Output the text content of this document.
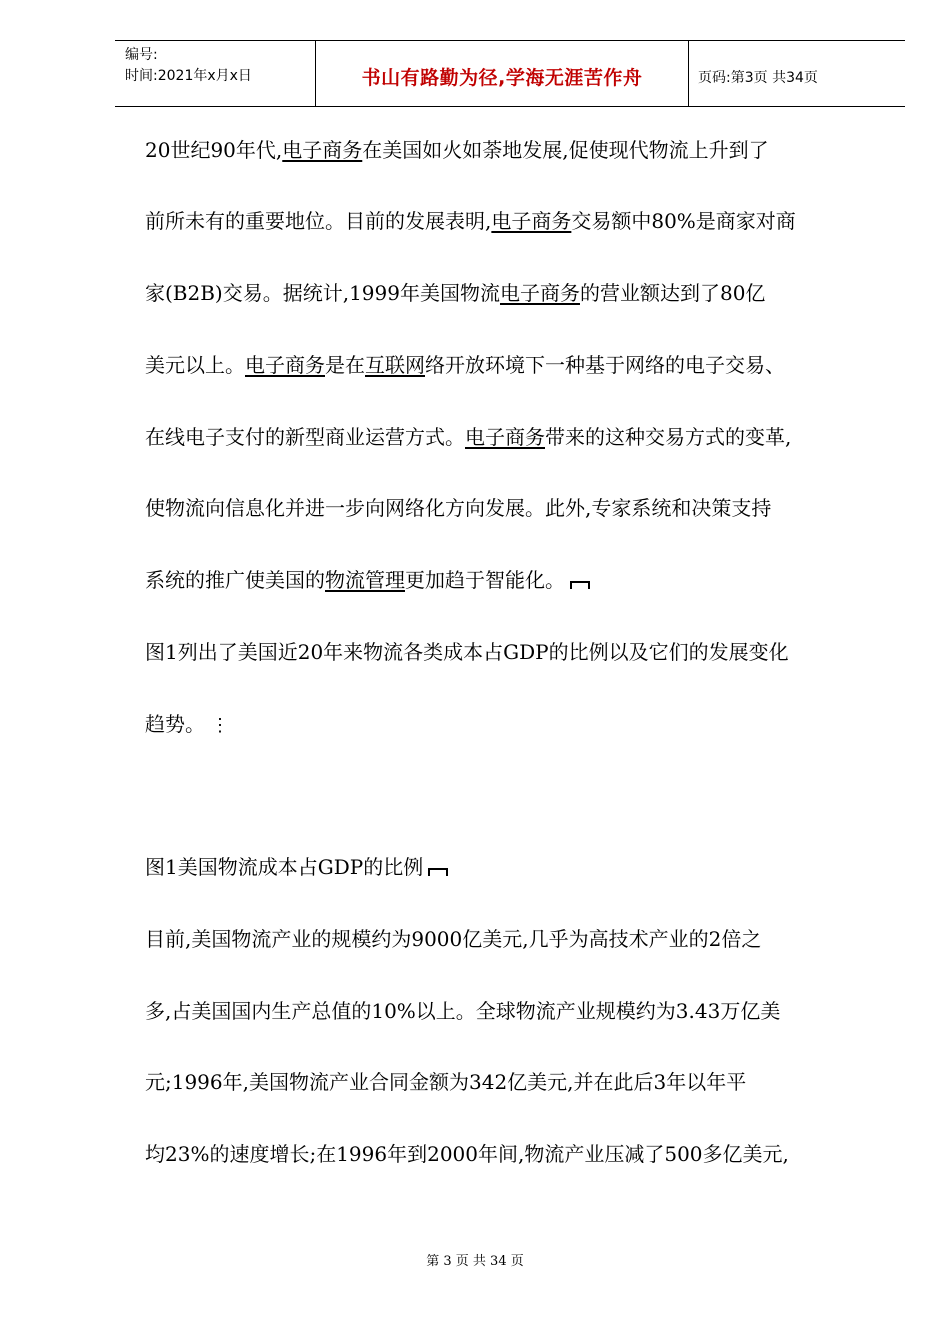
编号:
时间:2021年x月x日	书山有路勤为径,学海无涯苦作舟	页码:第3页 共34页

20世纪90年代,电子商务在美国如火如荼地发展,促使现代物流上升到了

前所未有的重要地位。目前的发展表明,电子商务交易额中80%是商家对商

家(B2B)交易。据统计,1999年美国物流电子商务的营业额达到了80亿

美元以上。电子商务是在互联网络开放环境下一种基于网络的电子交易、

在线电子支付的新型商业运营方式。电子商务带来的这种交易方式的变革,

使物流向信息化并进一步向网络化方向发展。此外,专家系统和决策支持

系统的推广使美国的物流管理更加趋于智能化。

图1列出了美国近20年来物流各类成本占GDP的比例以及它们的发展变化

趋势。 ⋮

图1美国物流成本占GDP的比例

目前,美国物流产业的规模约为9000亿美元,几乎为高技术产业的2倍之

多,占美国国内生产总值的10%以上。全球物流产业规模约为3.43万亿美

元;1996年,美国物流产业合同金额为342亿美元,并在此后3年以年平

均23%的速度增长;在1996年到2000年间,物流产业压减了500多亿美元,

第 3 页 共 34 页
